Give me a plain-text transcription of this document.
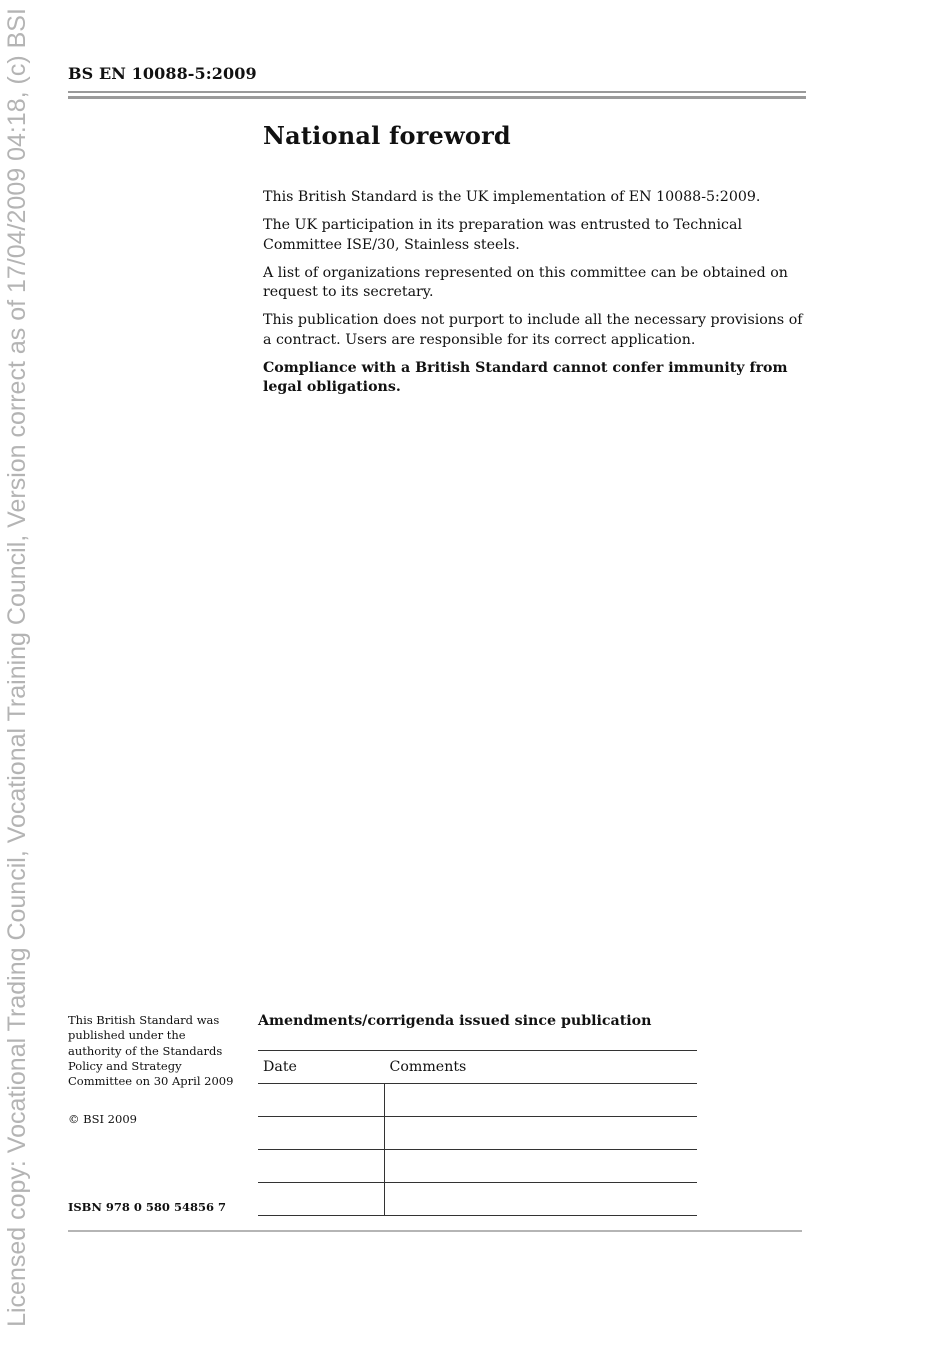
Licensed copy: Vocational Trading Council, Vocational Training Council, Version correct as of 17/04/2009 04:18, (c) BSI BS EN 10088-5:2009
National foreword

This British Standard is the UK implementation of EN 10088-5:2009.

The UK participation in its preparation was entrusted to Technical Committee ISE/30, Stainless steels.

A list of organizations represented on this committee can be obtained on request to its secretary.

This publication does not purport to include all the necessary provisions of a contract. Users are responsible for its correct application.

Compliance with a British Standard cannot confer immunity from legal obligations.

This British Standard was published under the authority of the Standards Policy and Strategy Committee on 30 April 2009

© BSI 2009
ISBN 978 0 580 54856 7
Amendments/corrigenda issued since publication
Date	Comments
